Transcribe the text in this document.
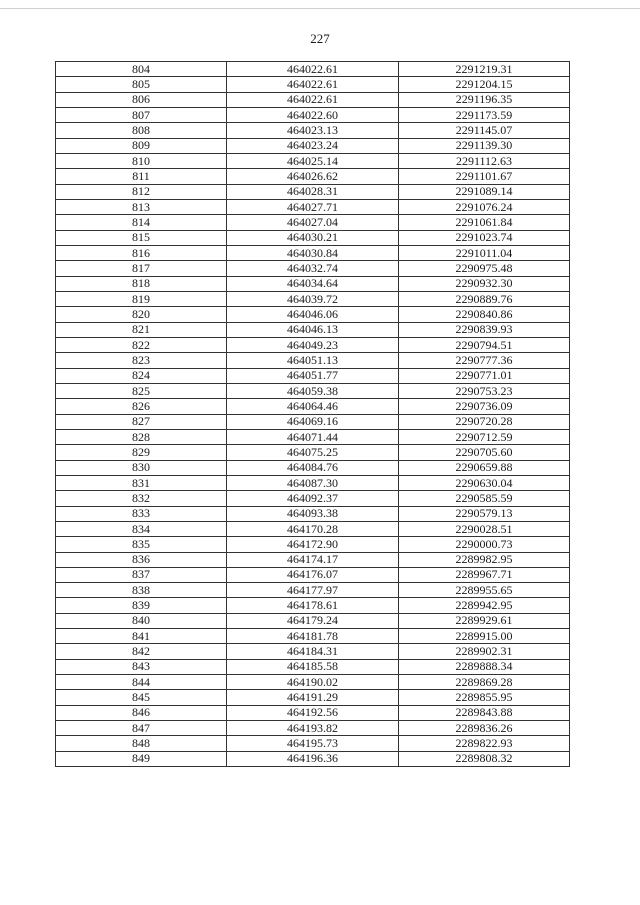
227
804	464022.61	2291219.31
805	464022.61	2291204.15
806	464022.61	2291196.35
807	464022.60	2291173.59
808	464023.13	2291145.07
809	464023.24	2291139.30
810	464025.14	2291112.63
811	464026.62	2291101.67
812	464028.31	2291089.14
813	464027.71	2291076.24
814	464027.04	2291061.84
815	464030.21	2291023.74
816	464030.84	2291011.04
817	464032.74	2290975.48
818	464034.64	2290932.30
819	464039.72	2290889.76
820	464046.06	2290840.86
821	464046.13	2290839.93
822	464049.23	2290794.51
823	464051.13	2290777.36
824	464051.77	2290771.01
825	464059.38	2290753.23
826	464064.46	2290736.09
827	464069.16	2290720.28
828	464071.44	2290712.59
829	464075.25	2290705.60
830	464084.76	2290659.88
831	464087.30	2290630.04
832	464092.37	2290585.59
833	464093.38	2290579.13
834	464170.28	2290028.51
835	464172.90	2290000.73
836	464174.17	2289982.95
837	464176.07	2289967.71
838	464177.97	2289955.65
839	464178.61	2289942.95
840	464179.24	2289929.61
841	464181.78	2289915.00
842	464184.31	2289902.31
843	464185.58	2289888.34
844	464190.02	2289869.28
845	464191.29	2289855.95
846	464192.56	2289843.88
847	464193.82	2289836.26
848	464195.73	2289822.93
849	464196.36	2289808.32
